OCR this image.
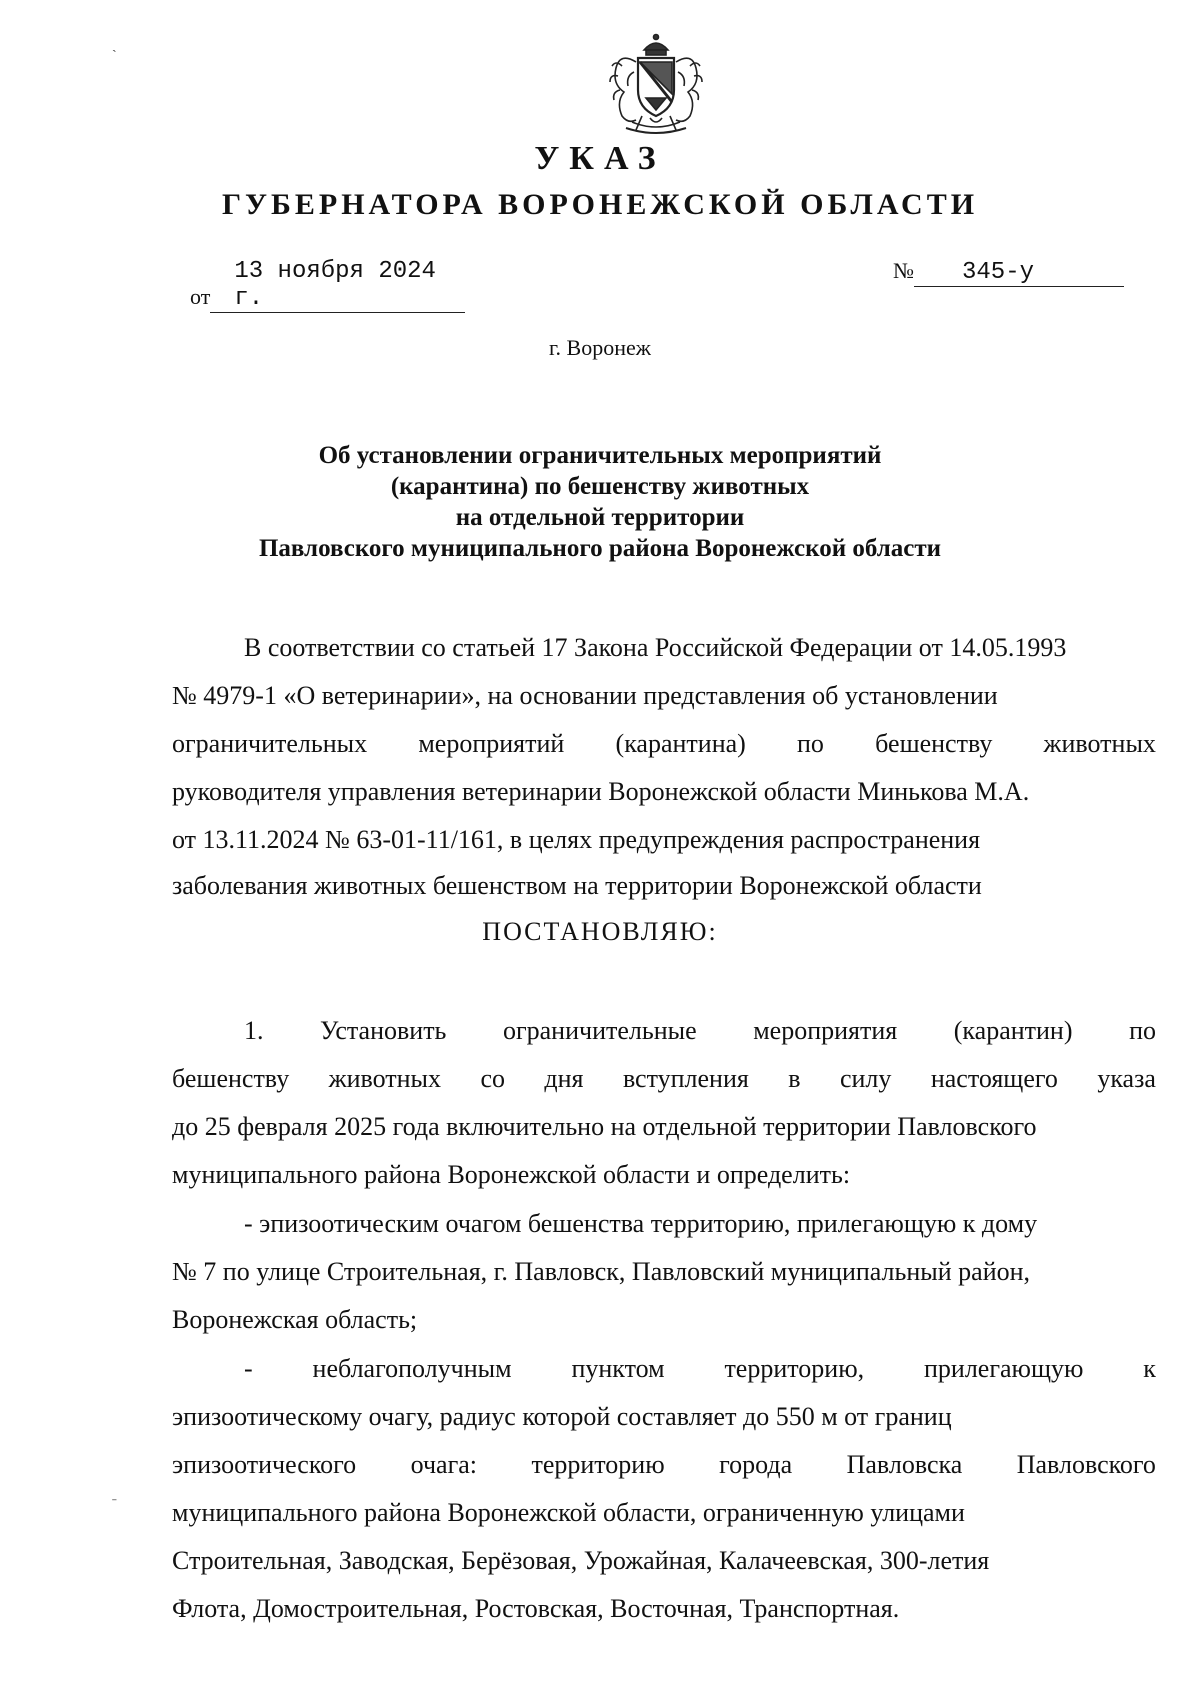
ˎ
ˉ
УКАЗ
ГУБЕРНАТОРА ВОРОНЕЖСКОЙ ОБЛАСТИ
от13 ноября 2024 г.
№ 345-у
г. Воронеж
Об установлении ограничительных мероприятий
(карантина) по бешенству животных
на отдельной территории
Павловского муниципального района Воронежской области
В соответствии со статьей 17 Закона Российской Федерации от 14.05.1993
№ 4979-1 «О ветеринарии», на основании представления об установлении
ограничительных мероприятий (карантина) по бешенству животных
руководителя управления ветеринарии Воронежской области Минькова М.А.
от 13.11.2024 № 63-01-11/161, в целях предупреждения распространения
заболевания животных бешенством на территории Воронежской области
ПОСТАНОВЛЯЮ:
1. Установить ограничительные мероприятия (карантин) по
бешенству животных со дня вступления в силу настоящего указа
до 25 февраля 2025 года включительно на отдельной территории Павловского
муниципального района Воронежской области и определить:
- эпизоотическим очагом бешенства территорию, прилегающую к дому
№ 7 по улице Строительная, г. Павловск, Павловский муниципальный район,
Воронежская область;
- неблагополучным пунктом территорию, прилегающую к
эпизоотическому очагу, радиус которой составляет до 550 м от границ
эпизоотического очага: территорию города Павловска Павловского
муниципального района Воронежской области, ограниченную улицами
Строительная, Заводская, Берёзовая, Урожайная, Калачеевская, 300-летия
Флота, Домостроительная, Ростовская, Восточная, Транспортная.
